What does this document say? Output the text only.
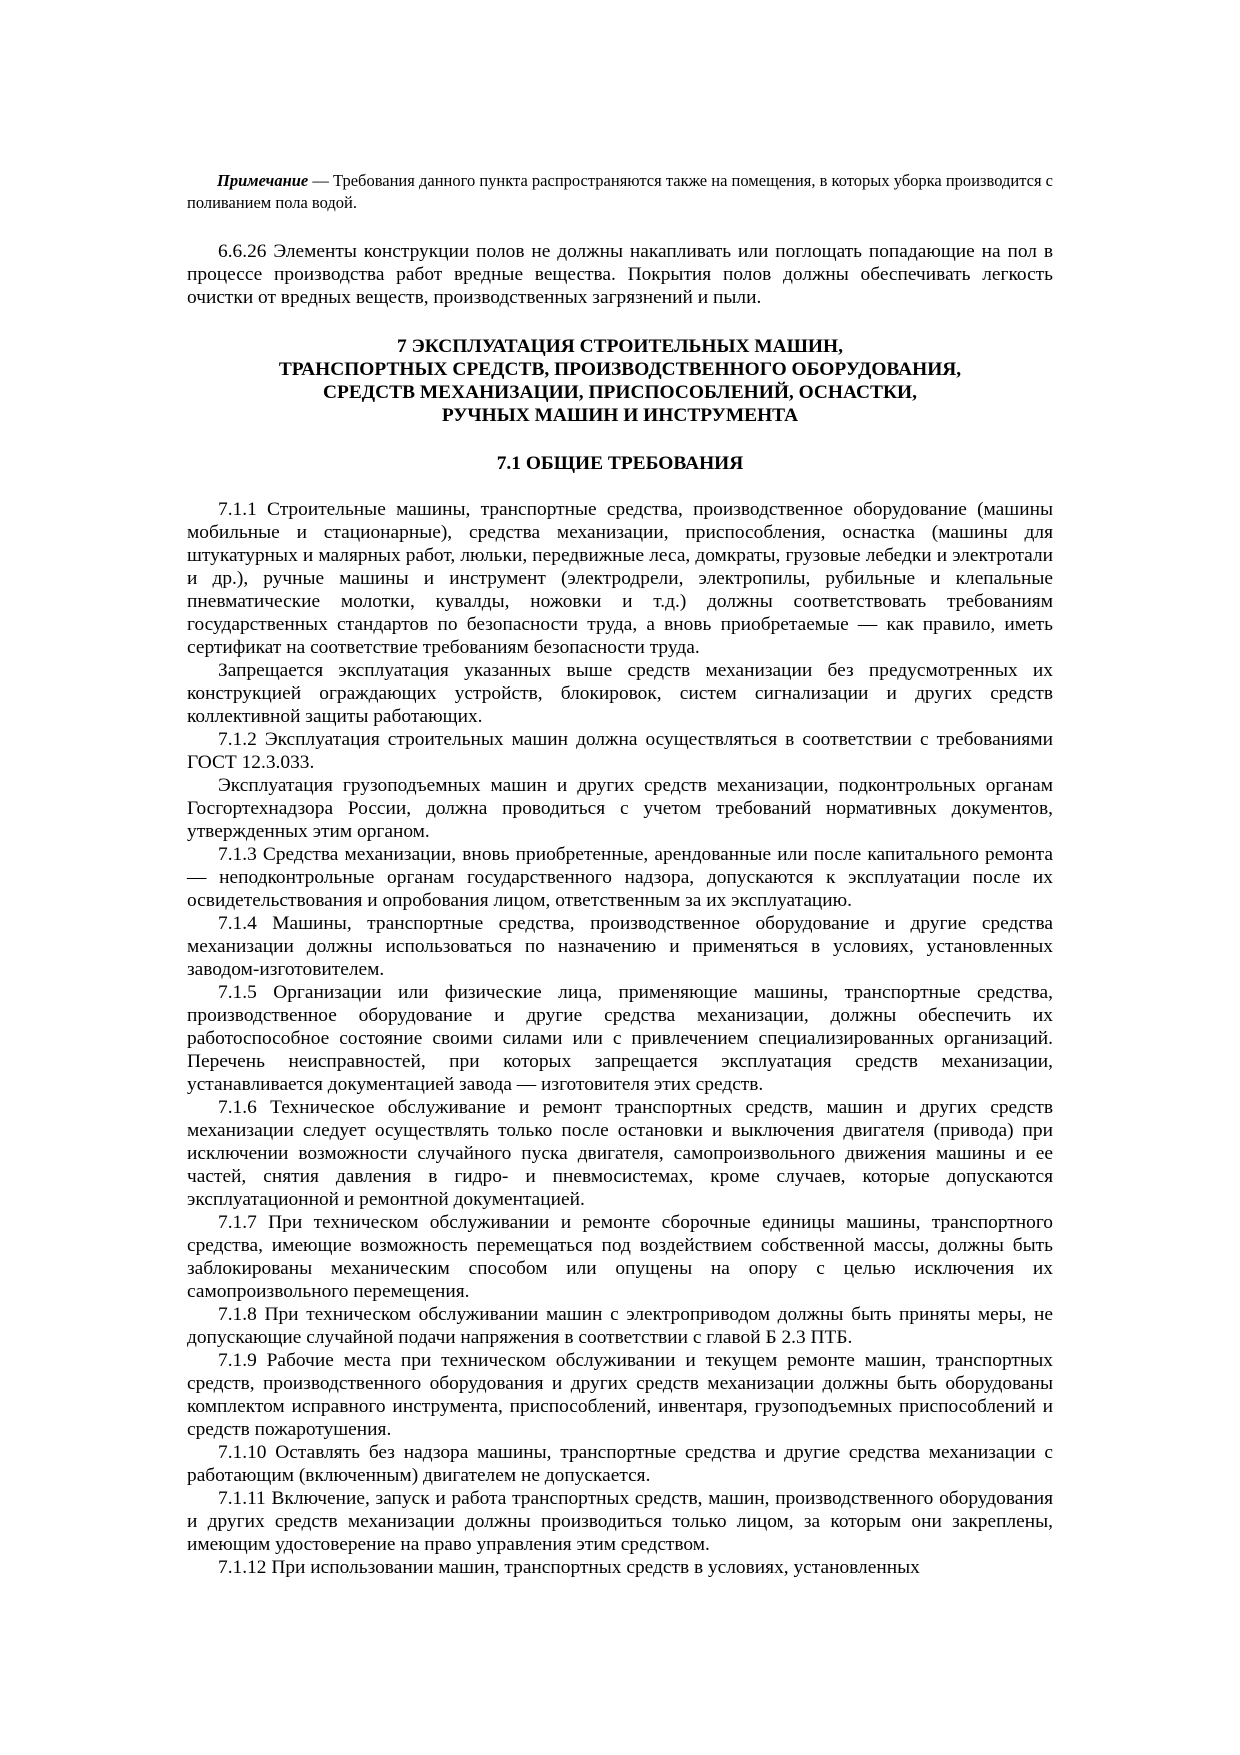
Примечание — Требования данного пункта распространяются также на помещения, в которых уборка производится с поливанием пола водой.

6.6.26 Элементы конструкции полов не должны накапливать или поглощать попадающие на пол в процессе производства работ вредные вещества. Покрытия полов должны обеспечивать легкость очистки от вредных веществ, производственных загрязнений и пыли.

7 ЭКСПЛУАТАЦИЯ СТРОИТЕЛЬНЫХ МАШИН,
ТРАНСПОРТНЫХ СРЕДСТВ, ПРОИЗВОДСТВЕННОГО ОБОРУДОВАНИЯ,
СРЕДСТВ МЕХАНИЗАЦИИ, ПРИСПОСОБЛЕНИЙ, ОСНАСТКИ,
РУЧНЫХ МАШИН И ИНСТРУМЕНТА
7.1 ОБЩИЕ ТРЕБОВАНИЯ

7.1.1 Строительные машины, транспортные средства, производственное оборудование (машины мобильные и стационарные), средства механизации, приспособления, оснастка (машины для штукатурных и малярных работ, люльки, передвижные леса, домкраты, грузовые лебедки и электротали и др.), ручные машины и инструмент (электродрели, электропилы, рубильные и клепальные пневматические молотки, кувалды, ножовки и т.д.) должны соответствовать требованиям государственных стандартов по безопасности труда, а вновь приобретаемые — как правило, иметь сертификат на соответствие требованиям безопасности труда.

Запрещается эксплуатация указанных выше средств механизации без предусмотренных их конструкцией ограждающих устройств, блокировок, систем сигнализации и других средств коллективной защиты работающих.

7.1.2 Эксплуатация строительных машин должна осуществляться в соответствии с требованиями ГОСТ 12.3.033.

Эксплуатация грузоподъемных машин и других средств механизации, подконтрольных органам Госгортехнадзора России, должна проводиться с учетом требований нормативных документов, утвержденных этим органом.

7.1.3 Средства механизации, вновь приобретенные, арендованные или после капитального ремонта — неподконтрольные органам государственного надзора, допускаются к эксплуатации после их освидетельствования и опробования лицом, ответственным за их эксплуатацию.

7.1.4 Машины, транспортные средства, производственное оборудование и другие средства механизации должны использоваться по назначению и применяться в условиях, установленных заводом-изготовителем.

7.1.5 Организации или физические лица, применяющие машины, транспортные средства, производственное оборудование и другие средства механизации, должны обеспечить их работоспособное состояние своими силами или с привлечением специализированных организаций. Перечень неисправностей, при которых запрещается эксплуатация средств механизации, устанавливается документацией завода — изготовителя этих средств.

7.1.6 Техническое обслуживание и ремонт транспортных средств, машин и других средств механизации следует осуществлять только после остановки и выключения двигателя (привода) при исключении возможности случайного пуска двигателя, самопроизвольного движения машины и ее частей, снятия давления в гидро- и пневмосистемах, кроме случаев, которые допускаются эксплуатационной и ремонтной документацией.

7.1.7 При техническом обслуживании и ремонте сборочные единицы машины, транспортного средства, имеющие возможность перемещаться под воздействием собственной массы, должны быть заблокированы механическим способом или опущены на опору с целью исключения их самопроизвольного перемещения.

7.1.8 При техническом обслуживании машин с электроприводом должны быть приняты меры, не допускающие случайной подачи напряжения в соответствии с главой Б 2.3 ПТБ.

7.1.9 Рабочие места при техническом обслуживании и текущем ремонте машин, транспортных средств, производственного оборудования и других средств механизации должны быть оборудованы комплектом исправного инструмента, приспособлений, инвентаря, грузоподъемных приспособлений и средств пожаротушения.

7.1.10 Оставлять без надзора машины, транспортные средства и другие средства механизации с работающим (включенным) двигателем не допускается.

7.1.11 Включение, запуск и работа транспортных средств, машин, производственного оборудования и других средств механизации должны производиться только лицом, за которым они закреплены, имеющим удостоверение на право управления этим средством.

7.1.12 При использовании машин, транспортных средств в условиях, установленных
